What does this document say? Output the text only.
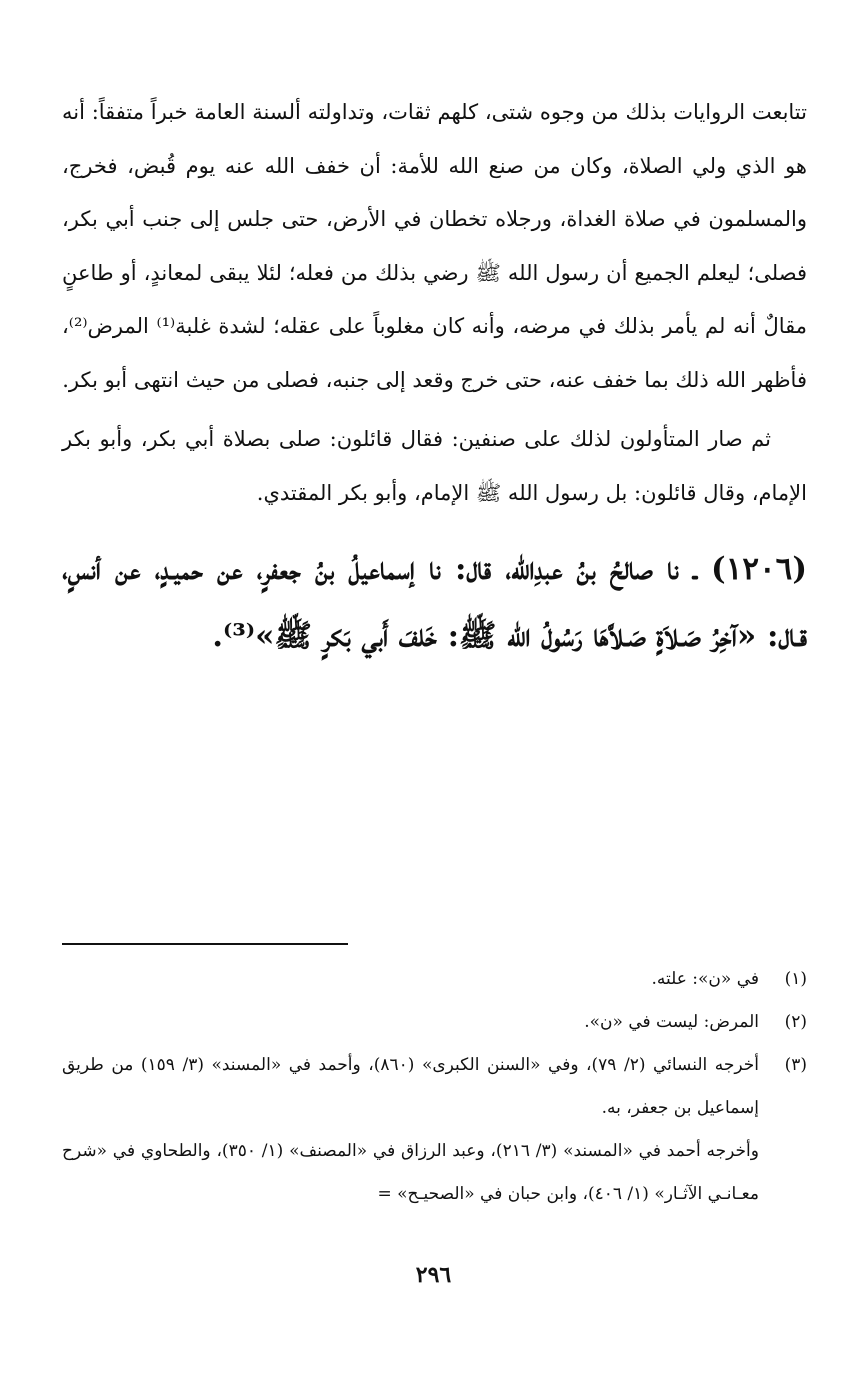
تتابعت الروايات بذلك من وجوه شتى، كلهم ثقات، وتداولته ألسنة العامة خبراً متفقاً: أنه هو الذي ولي الصلاة، وكان من صنع الله للأمة: أن خفف الله عنه يوم قُبض، فخرج، والمسلمون في صلاة الغداة، ورجلاه تخطان في الأرض، حتى جلس إلى جنب أبي بكر، فصلى؛ ليعلم الجميع أن رسول الله ﷺ رضي بذلك من فعله؛ لئلا يبقى لمعاندٍ، أو طاعنٍ مقالٌ أنه لم يأمر بذلك في مرضه، وأنه كان مغلوباً على عقله؛ لشدة غلبة⁽¹⁾ المرض⁽²⁾، فأظهر الله ذلك بما خفف عنه، حتى خرج وقعد إلى جنبه، فصلى من حيث انتهى أبو بكر.

ثم صار المتأولون لذلك على صنفين: فقال قائلون: صلى بصلاة أبي بكر، وأبو بكر الإمام، وقال قائلون: بل رسول الله ﷺ الإمام، وأبو بكر المقتدي.

(١٢٠٦) ـ نا صالحُ بنُ عبدِالله، قال: نا إسماعيلُ بنُ جعفرٍ، عن حميـدٍ، عن أنسٍ، قـال: «آخِرُ صَـلاَةٍ صَـلاَّهَا رَسُولُ الله ﷺ: خَلفَ أَبي بَكرٍ ﷺ»⁽³⁾.

(١)
في «ن»: علته.
(٢)
المرض: ليست في «ن».
(٣)
أخرجه النسائي (٢/ ٧٩)، وفي «السنن الكبرى» (٨٦٠)، وأحمد في «المسند» (٣/ ١٥٩) من طريق إسماعيل بن جعفر، به.
وأخرجه أحمد في «المسند» (٣/ ٢١٦)، وعبد الرزاق في «المصنف» (١/ ٣٥٠)، والطحاوي في «شرح معـانـي الآثـار» (١/ ٤٠٦)، وابن حبان في «الصحيـح» =
٢٩٦
